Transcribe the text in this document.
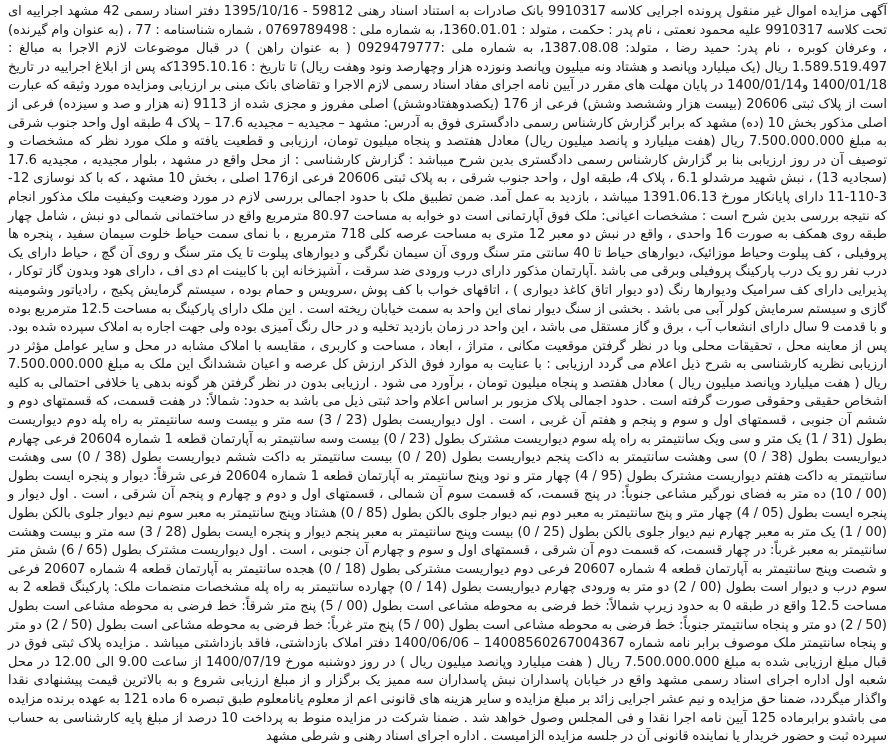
آگهی مزایده اموال غیر منقول پرونده اجرایی کلاسه 9910317 بانک صادرات به استناد اسناد رهنی 59812 - 1395/10/16 دفتر اسناد رسمی 42 مشهد اجراییه ای تحت کلاسه 9910317 علیه محمود نعمتی ، نام پدر : حکمت ، متولد : 1360.01.01، به شماره ملی : 0769789498 ، شماره شناسنامه : 77 ، (به عنوان وام گیرنده) ، وعرفان کوبره ، نام پدر: حمید رضا ، متولد: 1387.08.08، به شماره ملی :0929479777 ( به عنوان راهن ) در قبال موضوعات لازم الاجرا به مبالغ : 1.589.519.497 ریال (یک میلیارد وپانصد و هشتاد ونه میلیون وپانصد ونوزده هزار وچهارصد ونود وهفت ریال) تا تاریخ : 1395.10.16که پس از ابلاغ اجراییه در تاریخ 1400/01/18 و1400/01/14 در پایان مهلت های مقرر در آیین نامه اجرای مفاد اسناد رسمی لازم الاجرا و تقاضای بانک مبنی بر ارزیابی ومزایده مورد وثیقه که عبارت است از پلاک ثبتی 20606 (بیست هزار وششصد وشش) فرعی از 176 (یکصدوهفتادوشش) اصلی مفروز و مجزی شده از 9113 (نه هزار و صد و سیزده) فرعی از اصلی مذکور بخش 10 (ده) مشهد که برابر گزارش کارشناس رسمی دادگستری فوق به آدرس: مشهد – مجیدیه – مجیدیه 17.6 – پلاک 4 طبقه اول واحد جنوب شرقی به مبلغ 7.500.000.000 ریال (هفت میلیارد و پانصد میلیون ریال) معادل هفتصد و پنجاه میلیون تومان، ارزیابی و قطعیت یافته و ملک مورد نظر که مشخصات و توصیف آن در روز ارزیابی بنا بر گزارش کارشناس رسمی دادگستری بدین شرح میباشد : گزارش کارشناسی : از محل واقع در مشهد ، بلوار مجیدیه ، مجیدیه 17.6 (سجادیه 13) ، نبش شهید مرشدلو 6.1 ، پلاک 4، طبقه اول ، واحد جنوب شرقی ، به پلاک ثبتی 20606 فرعی از176 اصلی ، بخش 10 مشهد ، که با کد نوسازی 12-3-110-11 دارای پایانکار مورخ 1391.06.13 میباشد ، بازدید به عمل آمد. ضمن تطبیق ملک با حدود اجمالی بررسی لازم در مورد وضعیت وکیفیت ملک مذکور انجام که نتیجه بررسی بدین شرح است : مشخصات اعیانی: ملک فوق آپارتمانی است دو خوابه به مساحت 80.97 مترمربع واقع در ساختمانی شمالی دو نبش ، شامل چهار طبقه روی همکف به صورت 16 واحدی ، واقع در نبش دو معبر 12 متری به مساحت عرصه کلی 718 مترمربع ، با نمای سمت حیاط خلوت سیمان سفید ، پنجره ها پروفیلی ، کف پیلوت وحیاط موزائیک، دیوارهای حیاط تا 40 سانتی متر سنگ وروی آن سیمان نگرگی و دیوارهای پیلوت تا یک متر سنگ و روی آن گچ ، حیاط دارای یک درب نفر رو یک درب پارکینگ پروفیلی وبرقی می باشد .آپارتمان مذکور دارای درب ورودی ضد سرقت ، آشپزخانه اپن با کابینت ام دی اف ، دارای هود وبدون گاز توکار ، پذیرایی دارای کف سرامیک ودیوارها رنگ (دو دیوار اتاق کاغذ دیواری ) ، اتاقهای خواب با کف پوش ،سرویس و حمام بوده ، سیستم گرمایش پکیج ، رادیاتور وشومینه گازی و سیستم سرمایش کولر آبی می باشد . بخشی از سنگ دیوار نمای این واحد به سمت خیابان ریخته است . این ملک دارای پارکینگ به مساحت 12.5 مترمربع بوده و با قدمت 9 سال دارای انشعاب آب ، برق و گاز مستقل می باشد ، این واحد در زمان بازدید تخلیه و در حال رنگ آمیزی بوده ولی جهت اجاره به املاک سپرده شده بود. پس از معاینه محل ، تحقیقات محلی وبا در نظر گرفتن موقعیت مکانی ، متراژ ، ابعاد ، مساحت و کاربری ، مقایسه با املاک مشابه در محل و سایر عوامل مؤثر در ارزیابی نظریه کارشناسی به شرح ذیل اعلام می گردد ارزیابی : با عنایت به موارد فوق الذکر ارزش کل عرصه و اعیان ششدانگ این ملک به مبلغ 7.500.000.000 ریال ( هفت میلیارد وپانصد میلیون ریال ) معادل هفتصد و پنجاه میلیون تومان ، برآورد می شود . ارزیابی بدون در نظر گرفتن هر گونه بدهی یا خلافی احتمالی به کلیه اشخاص حقیقی وحقوقی صورت گرفته است . حدود اجمالی پلاک مزبور بر اساس اعلام واحد ثبتی ذیل می باشد به حدود: شمالاً: در هفت قسمت، که قسمتهای دوم و ششم آن جنوبی ، قسمتهای اول و سوم و پنجم و هفتم آن غربی ، است . اول دیواریست بطول (23 / 3) سه متر و بیست وسه سانتیمتر به راه پله دوم دیواریست بطول (31 / 1) یک متر و سی ویک سانتیمتر به راه پله سوم دیواریست مشترک بطول (23 / 0) بیست وسه سانتیمتر به آپارتمان قطعه 1 شماره 20604 فرعی چهارم دیواریست بطول (38 / 0) سی وهشت سانتیمتر به داکت پنجم دیواریست بطول (20 / 0) بیست سانتیمتر به داکت ششم دیواریست بطول (38 / 0) سی وهشت سانتیمتر به داکت هفتم دیواریست مشترک بطول (95 / 4) چهار متر و نود وپنج سانتیمتر به آپارتمان قطعه 1 شماره 20604 فرعی شرقاً: دیوار و پنجره ایست بطول (00 / 10) ده متر به فضای نورگیر مشاعی جنوباً: در پنج قسمت، که قسمت سوم آن شمالی ، قسمتهای اول و دوم و چهارم و پنجم آن شرقی ، است . اول دیوار و پنجره ایست بطول (05 / 4) چهار متر و پنج سانتیمتر به معبر دوم نیم دیوار جلوی بالکن بطول (85 / 0) هشتاد وپنج سانتیمتر به معبر سوم نیم دیوار جلوی بالکن بطول (00 / 1) یک متر به معبر چهارم نیم دیوار جلوی بالکن بطول (25 / 0) بیست وپنج سانتیمتر به معبر پنجم دیوار و پنجره ایست بطول (28 / 3) سه متر و بیست وهشت سانتیمتر به معبر غرباً: در چهار قسمت، که قسمت دوم آن شرقی ، قسمتهای اول و سوم و چهارم آن جنوبی ، است . اول دیواریست مشترک بطول (65 / 6) شش متر و شصت وپنج سانتیمتر به آپارتمان قطعه 4 شماره 20607 فرعی دوم دیواریست مشترکی بطول (18 / 0) هجده سانتیمتر به آپارتمان قطعه 4 شماره 20607 فرعی سوم درب و دیوار است بطول (00 / 2) دو متر به ورودی چهارم دیواریست بطول (14 / 0) چهارده سانتیمتر به راه پله مشخصات منضمات ملک: پارکینگ قطعه 2 به مساحت 12.5 واقع در طبقه 0 به حدود زیرپ شمالاً: خط فرضی به محوطه مشاعی است بطول (00 / 5) پنج متر شرقاً: خط فرضی به محوطه مشاعی است بطول (50 / 2) دو متر و پنجاه سانتیمتر جنوباً: خط فرضی به محوطه مشاعی است بطول (00 / 5) پنج متر غرباً: خط فرضی به محوطه مشاعی است بطول (50 / 2) دو متر و پنجاه سانتیمتر ملک موصوف برابر نامه شماره 14008560267004367 – 1400/06/06 دفتر املاک بازداشتی، فاقد بازداشتی میباشد . مزایده پلاک ثبتی فوق در قبال مبلغ ارزیابی شده به مبلغ 7.500.000.000 ریال ( هفت میلیارد وپانصد میلیون ریال ) در روز دوشنبه مورخ 1400/07/19 از ساعت 9.00 الی 12.00 در محل شعبه اول اداره اجرای اسناد رسمی مشهد واقع در خیابان پاسداران نبش پاسداران سه ممیز یک برگزار و از مبلغ ارزیابی شروع و به بالاترین قیمت پیشنهادی نقدا واگذار میگردد، ضمنا حق مزایده و نیم عشر اجرایی زائد بر مبلغ مزایده و سایر هزینه های قانونی اعم از معلوم یانامعلوم طبق تبصره 6 ماده 121 به عهده برنده مزایده می باشدو برابرماده 125 آیین نامه اجرا نقدا و فی المجلس وصول خواهد شد . ضمنا شرکت در مزایده منوط به پرداخت 10 درصد از مبلغ پایه کارشناسی به حساب سپرده ثبت و حضور خریدار یا نماینده قانونی آن در جلسه مزایده الزامیست . اداره اجرای اسناد رهنی و شرطی مشهد
